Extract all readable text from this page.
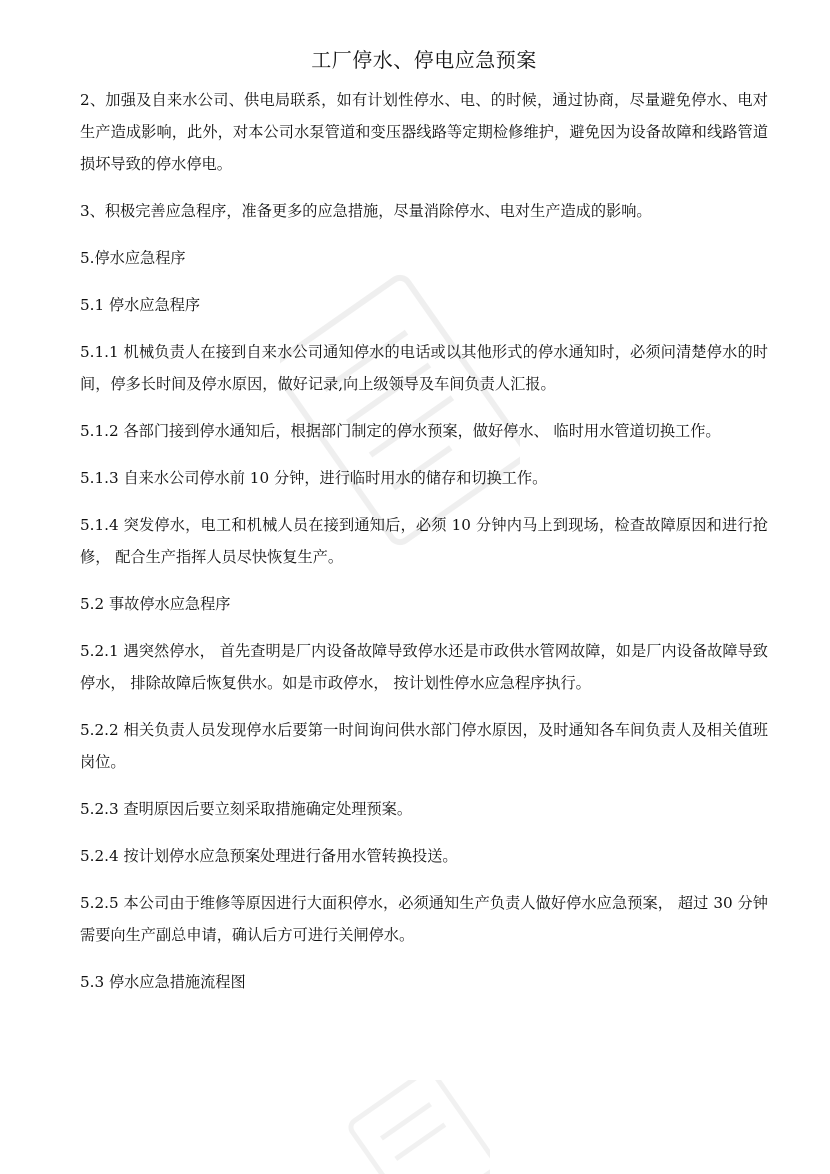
工厂停水、停电应急预案

2、加强及自来水公司、供电局联系，如有计划性停水、电、的时候，通过协商，尽量避免停水、电对生产造成影响，此外，对本公司水泵管道和变压器线路等定期检修维护，避免因为设备故障和线路管道损坏导致的停水停电。

3、积极完善应急程序，准备更多的应急措施，尽量消除停水、电对生产造成的影响。

5.停水应急程序

5.1 停水应急程序

5.1.1 机械负责人在接到自来水公司通知停水的电话或以其他形式的停水通知时，必须问清楚停水的时间，停多长时间及停水原因，做好记录,向上级领导及车间负责人汇报。

5.1.2 各部门接到停水通知后，根据部门制定的停水预案，做好停水、 临时用水管道切换工作。

5.1.3 自来水公司停水前 10 分钟，进行临时用水的储存和切换工作。

5.1.4 突发停水，电工和机械人员在接到通知后，必须 10 分钟内马上到现场，检查故障原因和进行抢修， 配合生产指挥人员尽快恢复生产。

5.2 事故停水应急程序

5.2.1 遇突然停水， 首先查明是厂内设备故障导致停水还是市政供水管网故障，如是厂内设备故障导致停水， 排除故障后恢复供水。如是市政停水， 按计划性停水应急程序执行。

5.2.2 相关负责人员发现停水后要第一时间询问供水部门停水原因，及时通知各车间负责人及相关值班岗位。

5.2.3 查明原因后要立刻采取措施确定处理预案。

5.2.4 按计划停水应急预案处理进行备用水管转换投送。

5.2.5 本公司由于维修等原因进行大面积停水，必须通知生产负责人做好停水应急预案， 超过 30 分钟需要向生产副总申请，确认后方可进行关闸停水。

5.3 停水应急措施流程图
